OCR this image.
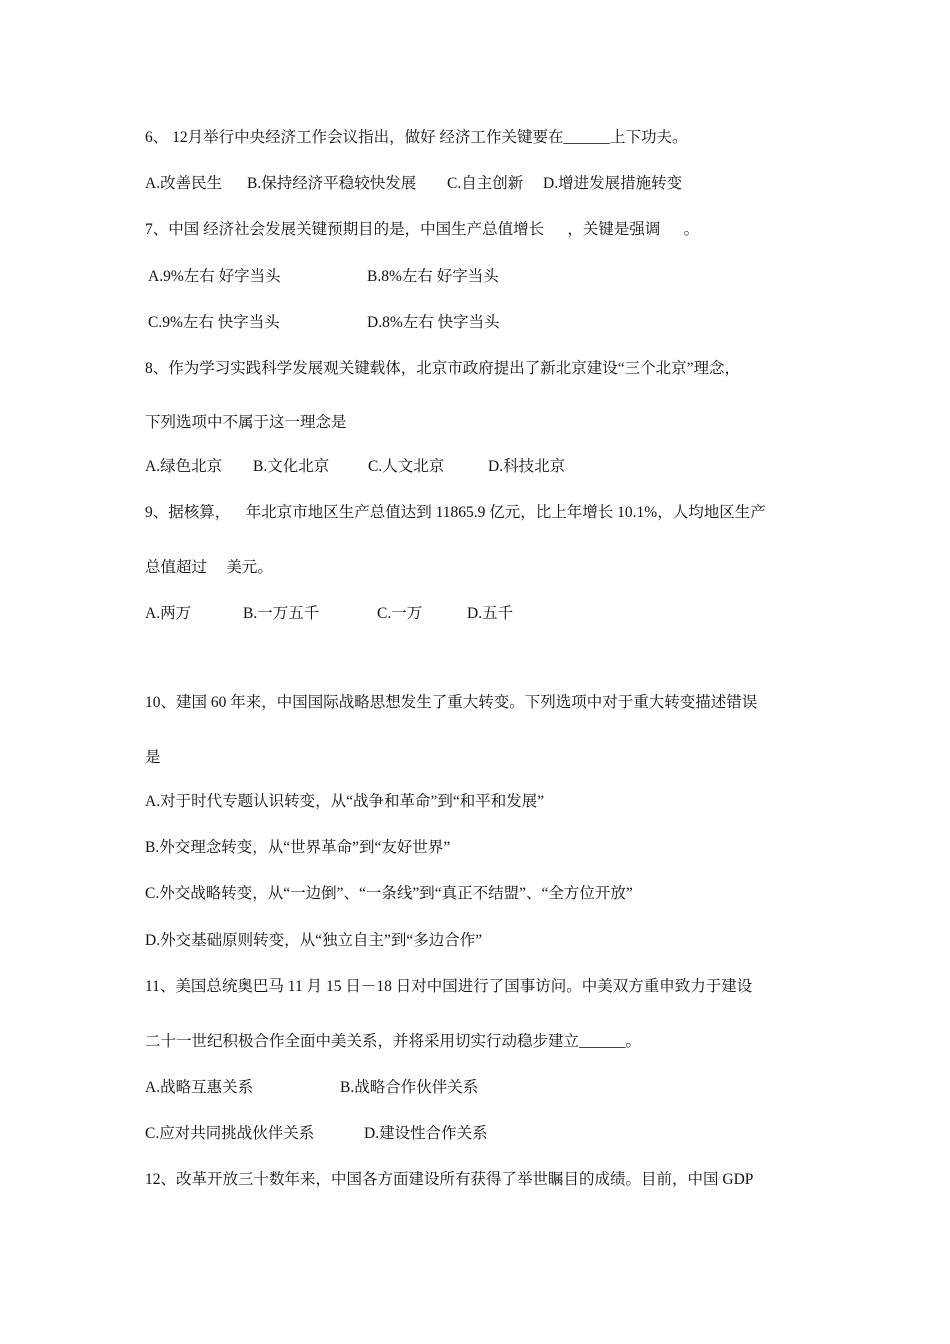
6、 12月举行中央经济工作会议指出，做好 经济工作关键要在______上下功夫。
A.改善民生 B.保持经济平稳较快发展 C.自主创新 D.增进发展措施转变
7、中国 经济社会发展关键预期目的是，中国生产总值增长      ，关键是强调      。
A.9%左右 好字当头	B.8%左右 好字当头
C.9%左右 快字当头	D.8%左右 快字当头
8、作为学习实践科学发展观关键载体，北京市政府提出了新北京建设“三个北京”理念，
下列选项中不属于这一理念是
A.绿色北京 B.文化北京	C.人文北京	D.科技北京
9、据核算，    年北京市地区生产总值达到 11865.9 亿元，比上年增长 10.1%，人均地区生产
总值超过     美元。
A.两万	B.一万五千	C.一万	D.五千
10、建国 60 年来，中国国际战略思想发生了重大转变。下列选项中对于重大转变描述错误
是
A.对于时代专题认识转变，从“战争和革命”到“和平和发展”
B.外交理念转变，从“世界革命”到“友好世界”
C.外交战略转变，从“一边倒”、“一条线”到“真正不结盟”、“全方位开放”
D.外交基础原则转变，从“独立自主”到“多边合作”
11、美国总统奥巴马 11 月 15 日－18 日对中国进行了国事访问。中美双方重申致力于建设
二十一世纪积极合作全面中美关系，并将采用切实行动稳步建立______。
A.战略互惠关系	B.战略合作伙伴关系
C.应对共同挑战伙伴关系	D.建设性合作关系
12、改革开放三十数年来，中国各方面建设所有获得了举世瞩目的成绩。目前，中国 GDP
